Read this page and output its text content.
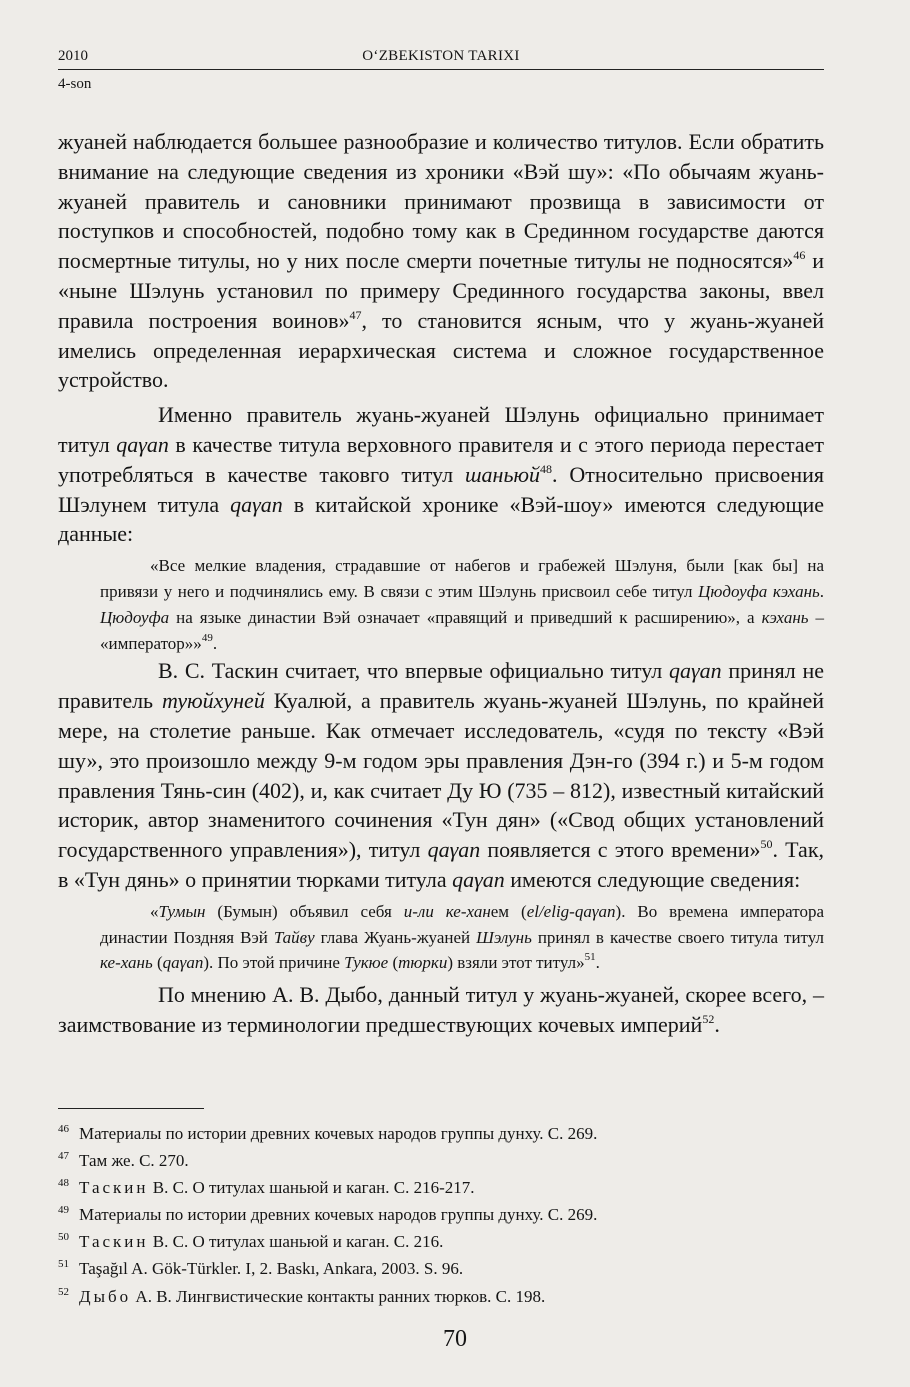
2010	O‘ZBEKISTON TARIXI
4-son

жуаней наблюдается большее разнообразие и количество титулов. Если обратить внимание на следующие сведения из хроники «Вэй шу»: «По обычаям жуань-жуаней правитель и сановники принимают прозвища в зависимости от поступков и способностей, подобно тому как в Срединном государстве даются посмертные титулы, но у них после смерти почетные титулы не подносятся»$^{46}$ и «ныне Шэлунь установил по примеру Срединного государства законы, ввел правила построения воинов»$^{47}$, то становится ясным, что у жуань-жуаней имелись определенная иерархическая система и сложное государственное устройство.

Именно правитель жуань-жуаней Шэлунь официально принимает титул qaγan в качестве титула верховного правителя и с этого периода перестает употребляться в качестве таковго титул шаньюй$^{48}$. Относительно присвоения Шэлунем титула qaγan в китайской хронике «Вэй-шоу» имеются следующие данные:

«Все мелкие владения, страдавшие от набегов и грабежей Шэлуня, были [как бы] на привязи у него и подчинялись ему. В связи с этим Шэлунь присвоил себе титул Цюдоуфа кэхань. Цюдоуфа на языке династии Вэй означает «правящий и приведший к расширению», а кэхань – «император»»$^{49}$.

В. С. Таскин считает, что впервые официально титул qaγan принял не правитель туюйхуней Куалюй, а правитель жуань-жуаней Шэлунь, по крайней мере, на столетие раньше. Как отмечает исследователь, «судя по тексту «Вэй шу», это произошло между 9-м годом эры правления Дэн-го (394 г.) и 5-м годом правления Тянь-син (402), и, как считает Ду Ю (735 – 812), известный китайский историк, автор знаменитого сочинения «Тун дян» («Свод общих установлений государственного управления»), титул qaγan появляется с этого времени»$^{50}$. Так, в «Тун дянь» о принятии тюрками титула qaγan имеются следующие сведения:

«Тумын (Бумын) объявил себя и-ли ке-ханем (el/elig-qaγan). Во времена императора династии Поздняя Вэй Тайву глава Жуань-жуаней Шэлунь принял в качестве своего титула титул ке-хань (qaγan). По этой причине Тукюе (тюрки) взяли этот титул»$^{51}$.

По мнению А. В. Дыбо, данный титул у жуань-жуаней, скорее всего, – заимствование из терминологии предшествующих кочевых империй$^{52}$.

$^{46}$ Материалы по истории древних кочевых народов группы дунху. С. 269.

$^{47}$ Там же. С. 270.

$^{48}$ Таскин В. С. О титулах шаньюй и каган. С. 216-217.

$^{49}$ Материалы по истории древних кочевых народов группы дунху. С. 269.

$^{50}$ Таскин В. С. О титулах шаньюй и каган. С. 216.

$^{51}$ Taşağıl A. Gök-Türkler. I, 2. Baskı, Ankara, 2003. S. 96.

$^{52}$ Дыбо А. В. Лингвистические контакты ранних тюрков. С. 198.

70
